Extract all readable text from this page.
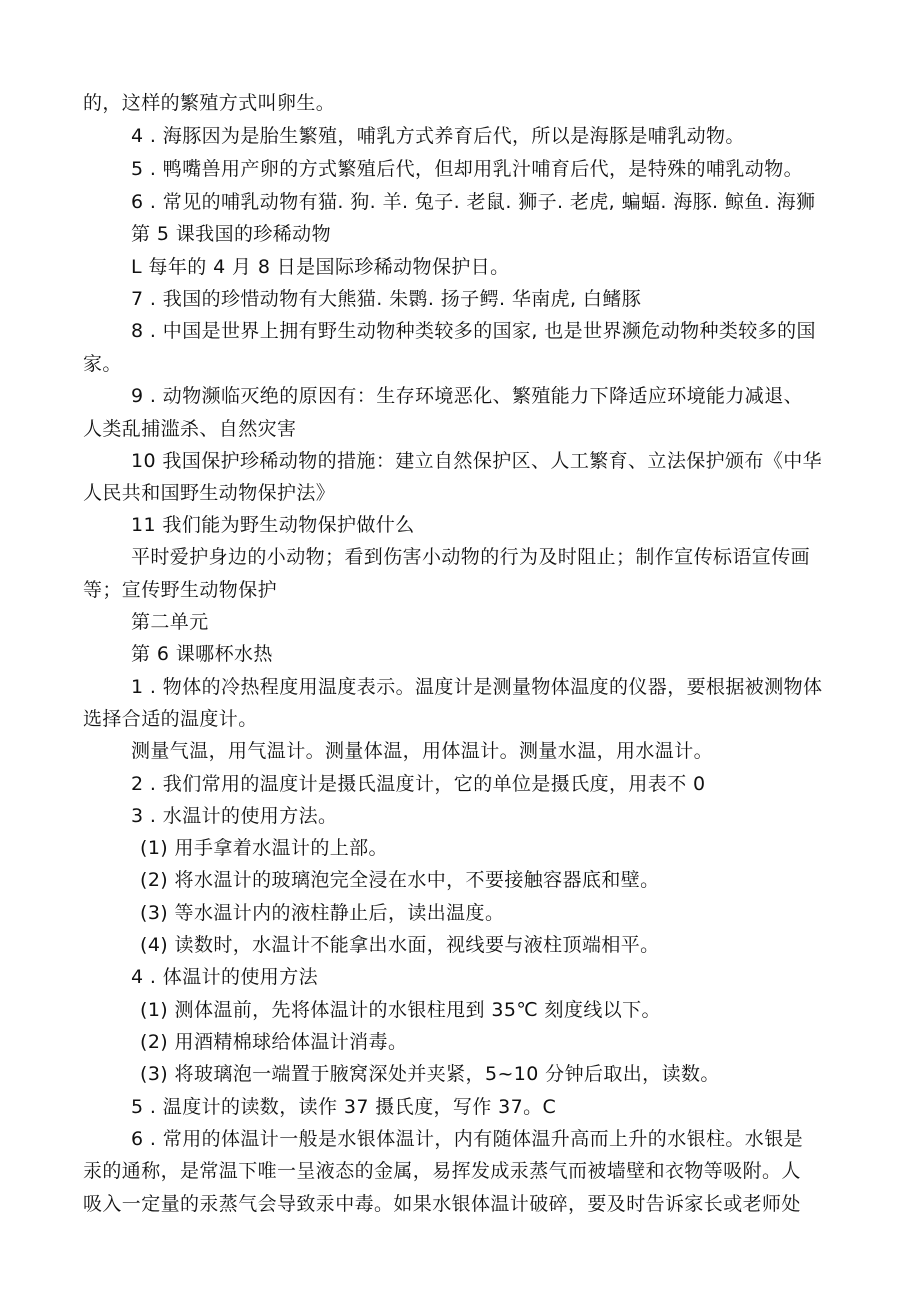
的，这样的繁殖方式叫卵生。
4 . 海豚因为是胎生繁殖，哺乳方式养育后代，所以是海豚是哺乳动物。
5 . 鸭嘴兽用产卵的方式繁殖后代，但却用乳汁哺育后代，是特殊的哺乳动物。
6 . 常见的哺乳动物有猫. 狗. 羊. 兔子. 老鼠. 狮子. 老虎, 蝙蝠. 海豚. 鲸鱼. 海狮
第 5 课我国的珍稀动物
L 每年的 4 月 8 日是国际珍稀动物保护日。
7 . 我国的珍惜动物有大熊猫. 朱鹮. 扬子鳄. 华南虎, 白鳍豚
8 . 中国是世界上拥有野生动物种类较多的国家, 也是世界濒危动物种类较多的国
家。
9 . 动物濒临灭绝的原因有：生存环境恶化、繁殖能力下降适应环境能力减退、
人类乱捕滥杀、自然灾害
10 我国保护珍稀动物的措施：建立自然保护区、人工繁育、立法保护颁布《中华
人民共和国野生动物保护法》
11 我们能为野生动物保护做什么
平时爱护身边的小动物；看到伤害小动物的行为及时阻止；制作宣传标语宣传画
等；宣传野生动物保护
第二单元
第 6 课哪杯水热
1 . 物体的冷热程度用温度表示。温度计是测量物体温度的仪器，要根据被测物体
选择合适的温度计。
测量气温，用气温计。测量体温，用体温计。测量水温，用水温计。
2 . 我们常用的温度计是摄氏温度计，它的单位是摄氏度，用表不 0
3 . 水温计的使用方法。
(1) 用手拿着水温计的上部。
(2) 将水温计的玻璃泡完全浸在水中，不要接触容器底和壁。
(3) 等水温计内的液柱静止后，读出温度。
(4) 读数时，水温计不能拿出水面，视线要与液柱顶端相平。
4 . 体温计的使用方法
(1) 测体温前，先将体温计的水银柱甩到 35℃ 刻度线以下。
(2) 用酒精棉球给体温计消毒。
(3) 将玻璃泡一端置于腋窝深处并夹紧，5~10 分钟后取出，读数。
5 . 温度计的读数，读作 37 摄氏度，写作 37。C
6 . 常用的体温计一般是水银体温计，内有随体温升高而上升的水银柱。水银是
汞的通称，是常温下唯一呈液态的金属，易挥发成汞蒸气而被墙壁和衣物等吸附。人
吸入一定量的汞蒸气会导致汞中毒。如果水银体温计破碎，要及时告诉家长或老师处
